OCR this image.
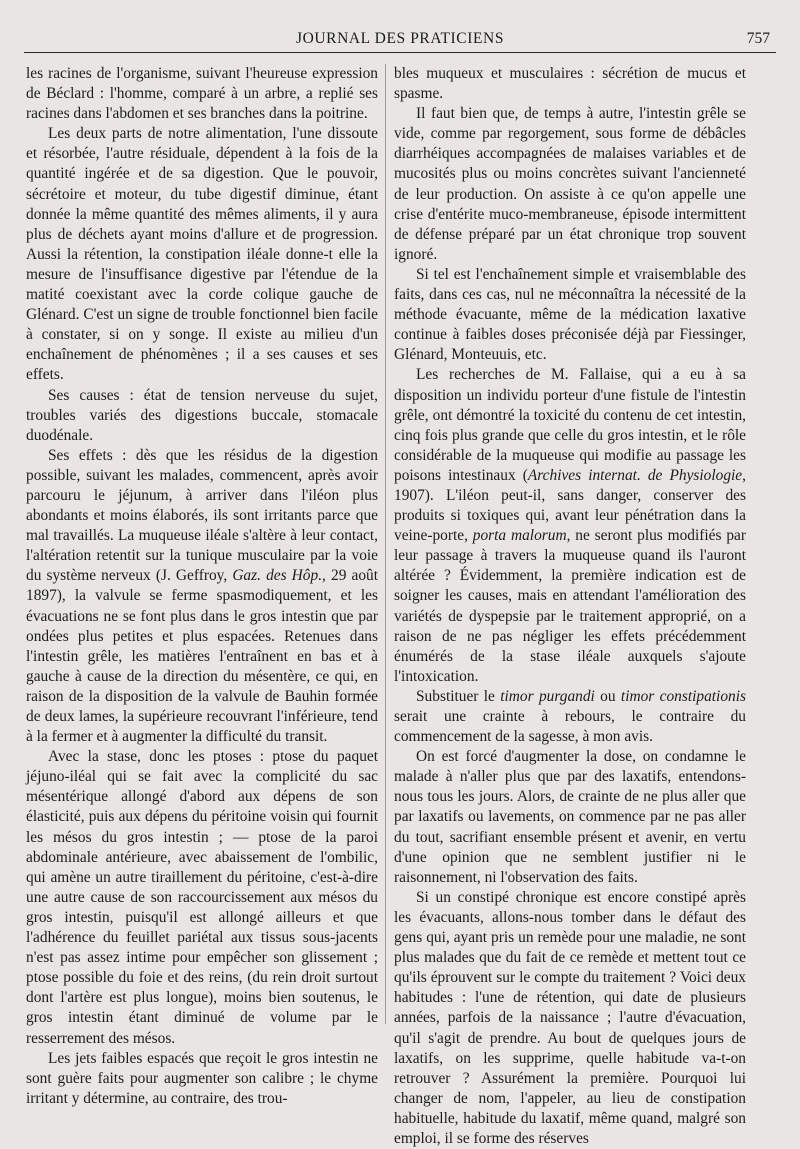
JOURNAL DES PRATICIENS	757

les racines de l'organisme, suivant l'heureuse expression de Béclard : l'homme, comparé à un arbre, a replié ses racines dans l'abdomen et ses branches dans la poitrine.

Les deux parts de notre alimentation, l'une dissoute et résorbée, l'autre résiduale, dépendent à la fois de la quantité ingérée et de sa digestion. Que le pouvoir, sécrétoire et moteur, du tube digestif diminue, étant donnée la même quantité des mêmes aliments, il y aura plus de déchets ayant moins d'allure et de progression. Aussi la rétention, la constipation iléale donne-t elle la mesure de l'insuffisance digestive par l'étendue de la matité coexistant avec la corde colique gauche de Glénard. C'est un signe de trouble fonctionnel bien facile à constater, si on y songe. Il existe au milieu d'un enchaînement de phénomènes ; il a ses causes et ses effets.

Ses causes : état de tension nerveuse du sujet, troubles variés des digestions buccale, stomacale duodénale.

Ses effets : dès que les résidus de la digestion possible, suivant les malades, commencent, après avoir parcouru le jéjunum, à arriver dans l'iléon plus abondants et moins élaborés, ils sont irritants parce que mal travaillés. La muqueuse iléale s'altère à leur contact, l'altération retentit sur la tunique musculaire par la voie du système nerveux (J. Geffroy, Gaz. des Hôp., 29 août 1897), la valvule se ferme spasmodiquement, et les évacuations ne se font plus dans le gros intestin que par ondées plus petites et plus espacées. Retenues dans l'intestin grêle, les matières l'entraînent en bas et à gauche à cause de la direction du mésentère, ce qui, en raison de la disposition de la valvule de Bauhin formée de deux lames, la supérieure recouvrant l'inférieure, tend à la fermer et à augmenter la difficulté du transit.

Avec la stase, donc les ptoses : ptose du paquet jéjuno-iléal qui se fait avec la complicité du sac mésentérique allongé d'abord aux dépens de son élasticité, puis aux dépens du péritoine voisin qui fournit les mésos du gros intestin ; — ptose de la paroi abdominale antérieure, avec abaissement de l'ombilic, qui amène un autre tiraillement du péritoine, c'est-à-dire une autre cause de son raccourcissement aux mésos du gros intestin, puisqu'il est allongé ailleurs et que l'adhérence du feuillet pariétal aux tissus sous-jacents n'est pas assez intime pour empêcher son glissement ; ptose possible du foie et des reins, (du rein droit surtout dont l'artère est plus longue), moins bien soutenus, le gros intestin étant diminué de volume par le resserrement des mésos.

Les jets faibles espacés que reçoit le gros intestin ne sont guère faits pour augmenter son calibre ; le chyme irritant y détermine, au contraire, des trou-

bles muqueux et musculaires : sécrétion de mucus et spasme.

Il faut bien que, de temps à autre, l'intestin grêle se vide, comme par regorgement, sous forme de débâcles diarrhéiques accompagnées de malaises variables et de mucosités plus ou moins concrètes suivant l'ancienneté de leur production. On assiste à ce qu'on appelle une crise d'entérite muco-membraneuse, épisode intermittent de défense préparé par un état chronique trop souvent ignoré.

Si tel est l'enchaînement simple et vraisemblable des faits, dans ces cas, nul ne méconnaîtra la nécessité de la méthode évacuante, même de la médication laxative continue à faibles doses préconisée déjà par Fiessinger, Glénard, Monteuuis, etc.

Les recherches de M. Fallaise, qui a eu à sa disposition un individu porteur d'une fistule de l'intestin grêle, ont démontré la toxicité du contenu de cet intestin, cinq fois plus grande que celle du gros intestin, et le rôle considérable de la muqueuse qui modifie au passage les poisons intestinaux (Archives internat. de Physiologie, 1907). L'iléon peut-il, sans danger, conserver des produits si toxiques qui, avant leur pénétration dans la veine-porte, porta malorum, ne seront plus modifiés par leur passage à travers la muqueuse quand ils l'auront altérée ? Évidemment, la première indication est de soigner les causes, mais en attendant l'amélioration des variétés de dyspepsie par le traitement approprié, on a raison de ne pas négliger les effets précédemment énumérés de la stase iléale auxquels s'ajoute l'intoxication.

Substituer le timor purgandi ou timor constipationis serait une crainte à rebours, le contraire du commencement de la sagesse, à mon avis.

On est forcé d'augmenter la dose, on condamne le malade à n'aller plus que par des laxatifs, entendons-nous tous les jours. Alors, de crainte de ne plus aller que par laxatifs ou lavements, on commence par ne pas aller du tout, sacrifiant ensemble présent et avenir, en vertu d'une opinion que ne semblent justifier ni le raisonnement, ni l'observation des faits.

Si un constipé chronique est encore constipé après les évacuants, allons-nous tomber dans le défaut des gens qui, ayant pris un remède pour une maladie, ne sont plus malades que du fait de ce remède et mettent tout ce qu'ils éprouvent sur le compte du traitement ? Voici deux habitudes : l'une de rétention, qui date de plusieurs années, parfois de la naissance ; l'autre d'évacuation, qu'il s'agit de prendre. Au bout de quelques jours de laxatifs, on les supprime, quelle habitude va-t-on retrouver ? Assurément la première. Pourquoi lui changer de nom, l'appeler, au lieu de constipation habituelle, habitude du laxatif, même quand, malgré son emploi, il se forme des réserves
